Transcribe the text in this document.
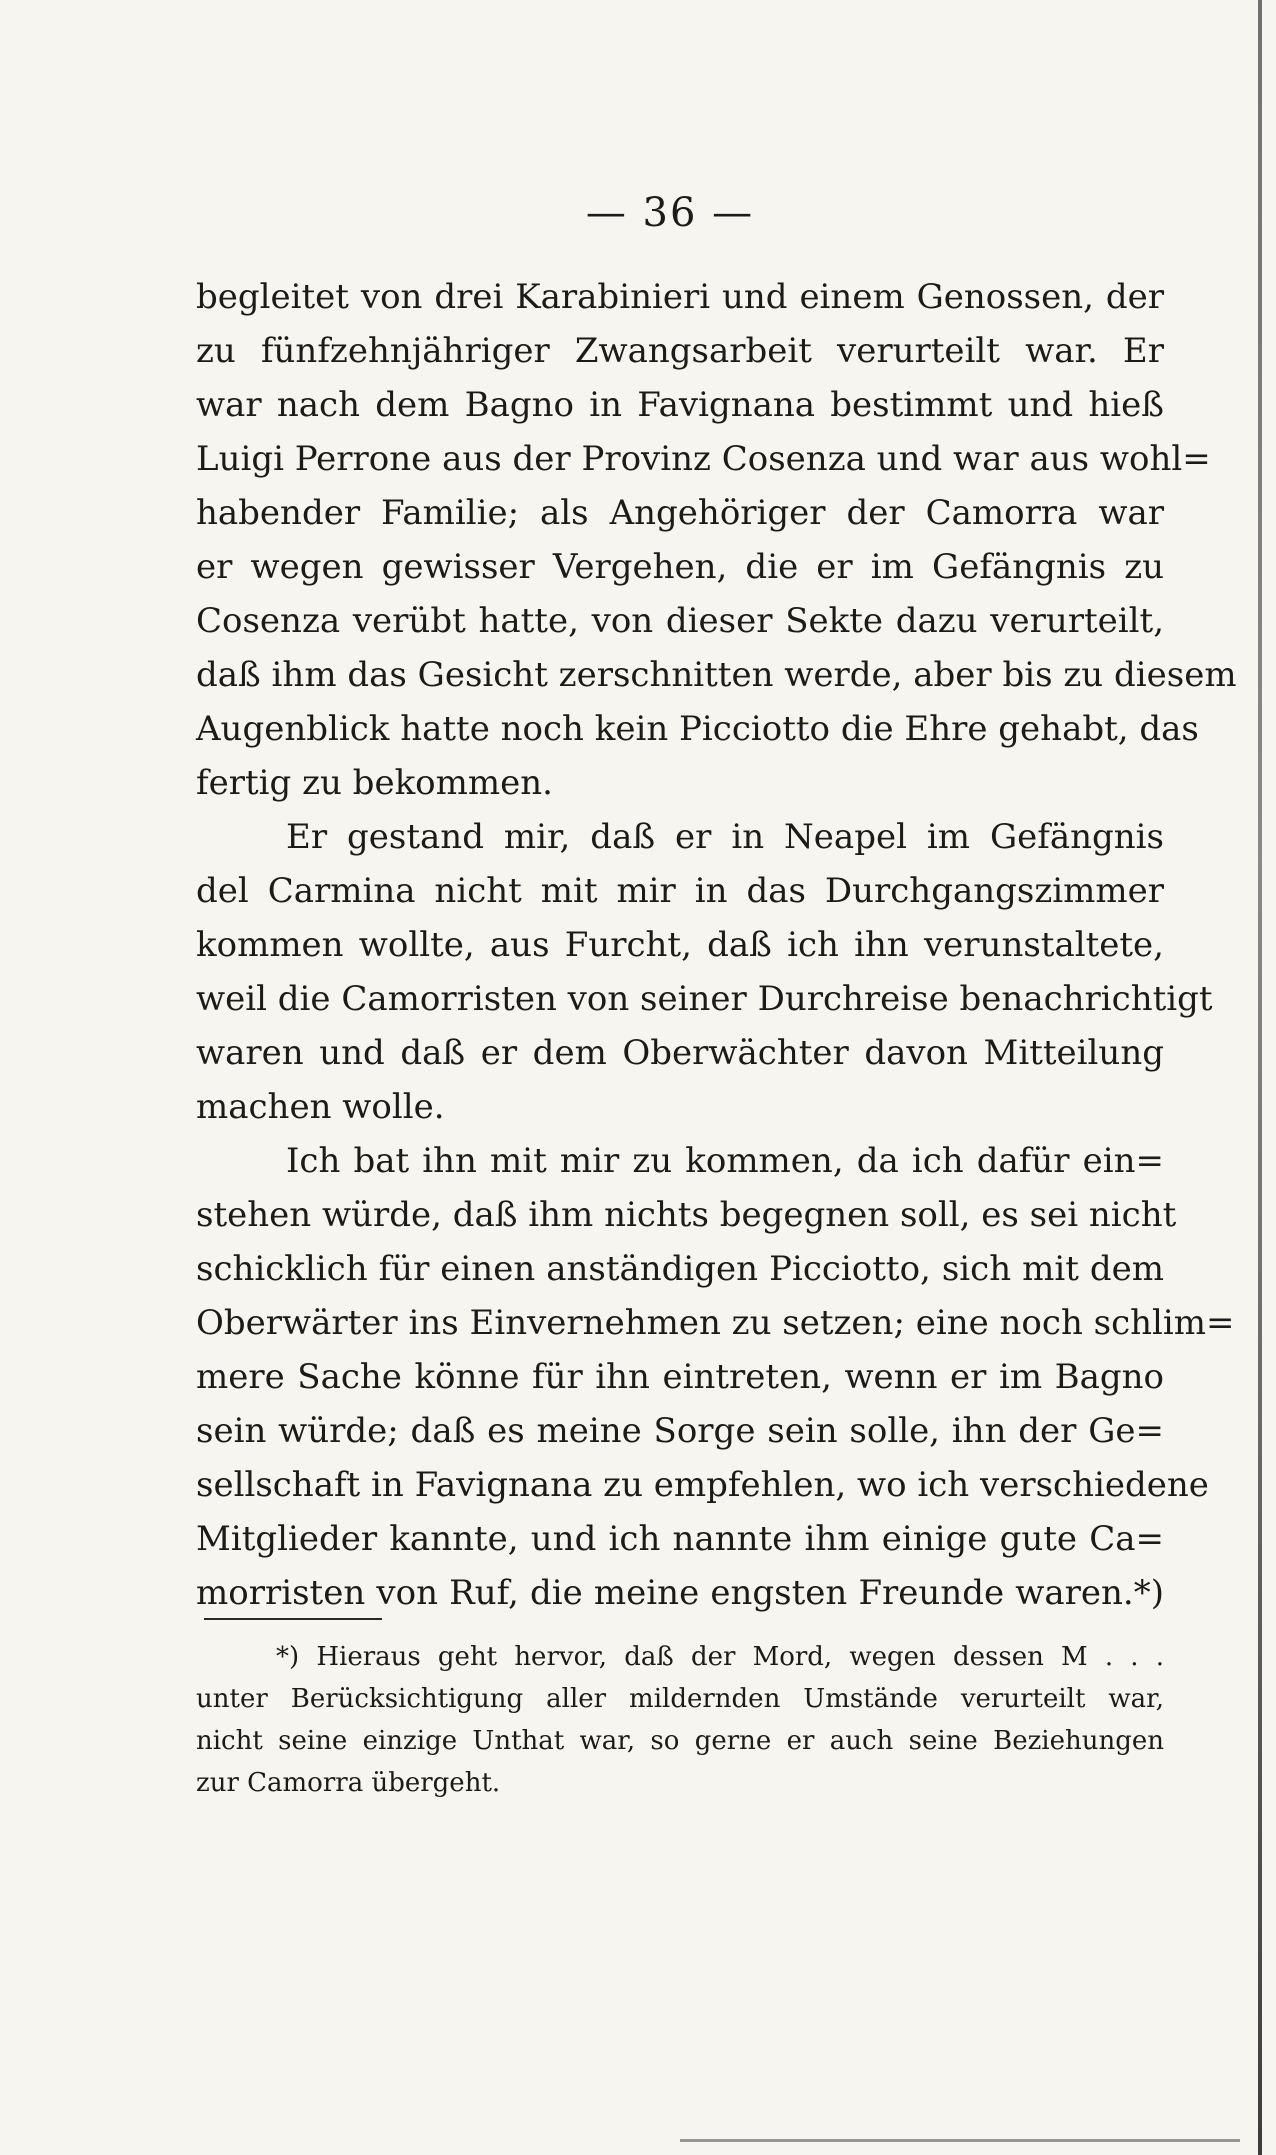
— 36 —
begleitet von drei Karabinieri und einem Genossen, der
zu fünfzehnjähriger Zwangsarbeit verurteilt war. Er
war nach dem Bagno in Favignana bestimmt und hieß
Luigi Perrone aus der Provinz Cosenza und war aus wohl=
habender Familie; als Angehöriger der Camorra war
er wegen gewisser Vergehen, die er im Gefängnis zu
Cosenza verübt hatte, von dieser Sekte dazu verurteilt,
daß ihm das Gesicht zerschnitten werde, aber bis zu diesem
Augenblick hatte noch kein Picciotto die Ehre gehabt, das
fertig zu bekommen.
Er gestand mir, daß er in Neapel im Gefängnis
del Carmina nicht mit mir in das Durchgangszimmer
kommen wollte, aus Furcht, daß ich ihn verunstaltete,
weil die Camorristen von seiner Durchreise benachrichtigt
waren und daß er dem Oberwächter davon Mitteilung
machen wolle.
Ich bat ihn mit mir zu kommen, da ich dafür ein=
stehen würde, daß ihm nichts begegnen soll, es sei nicht
schicklich für einen anständigen Picciotto, sich mit dem
Oberwärter ins Einvernehmen zu setzen; eine noch schlim=
mere Sache könne für ihn eintreten, wenn er im Bagno
sein würde; daß es meine Sorge sein solle, ihn der Ge=
sellschaft in Favignana zu empfehlen, wo ich verschiedene
Mitglieder kannte, und ich nannte ihm einige gute Ca=
morristen von Ruf, die meine engsten Freunde waren.*)
*) Hieraus geht hervor, daß der Mord, wegen dessen M . . .
unter Berücksichtigung aller mildernden Umstände verurteilt war,
nicht seine einzige Unthat war, so gerne er auch seine Beziehungen
zur Camorra übergeht.
